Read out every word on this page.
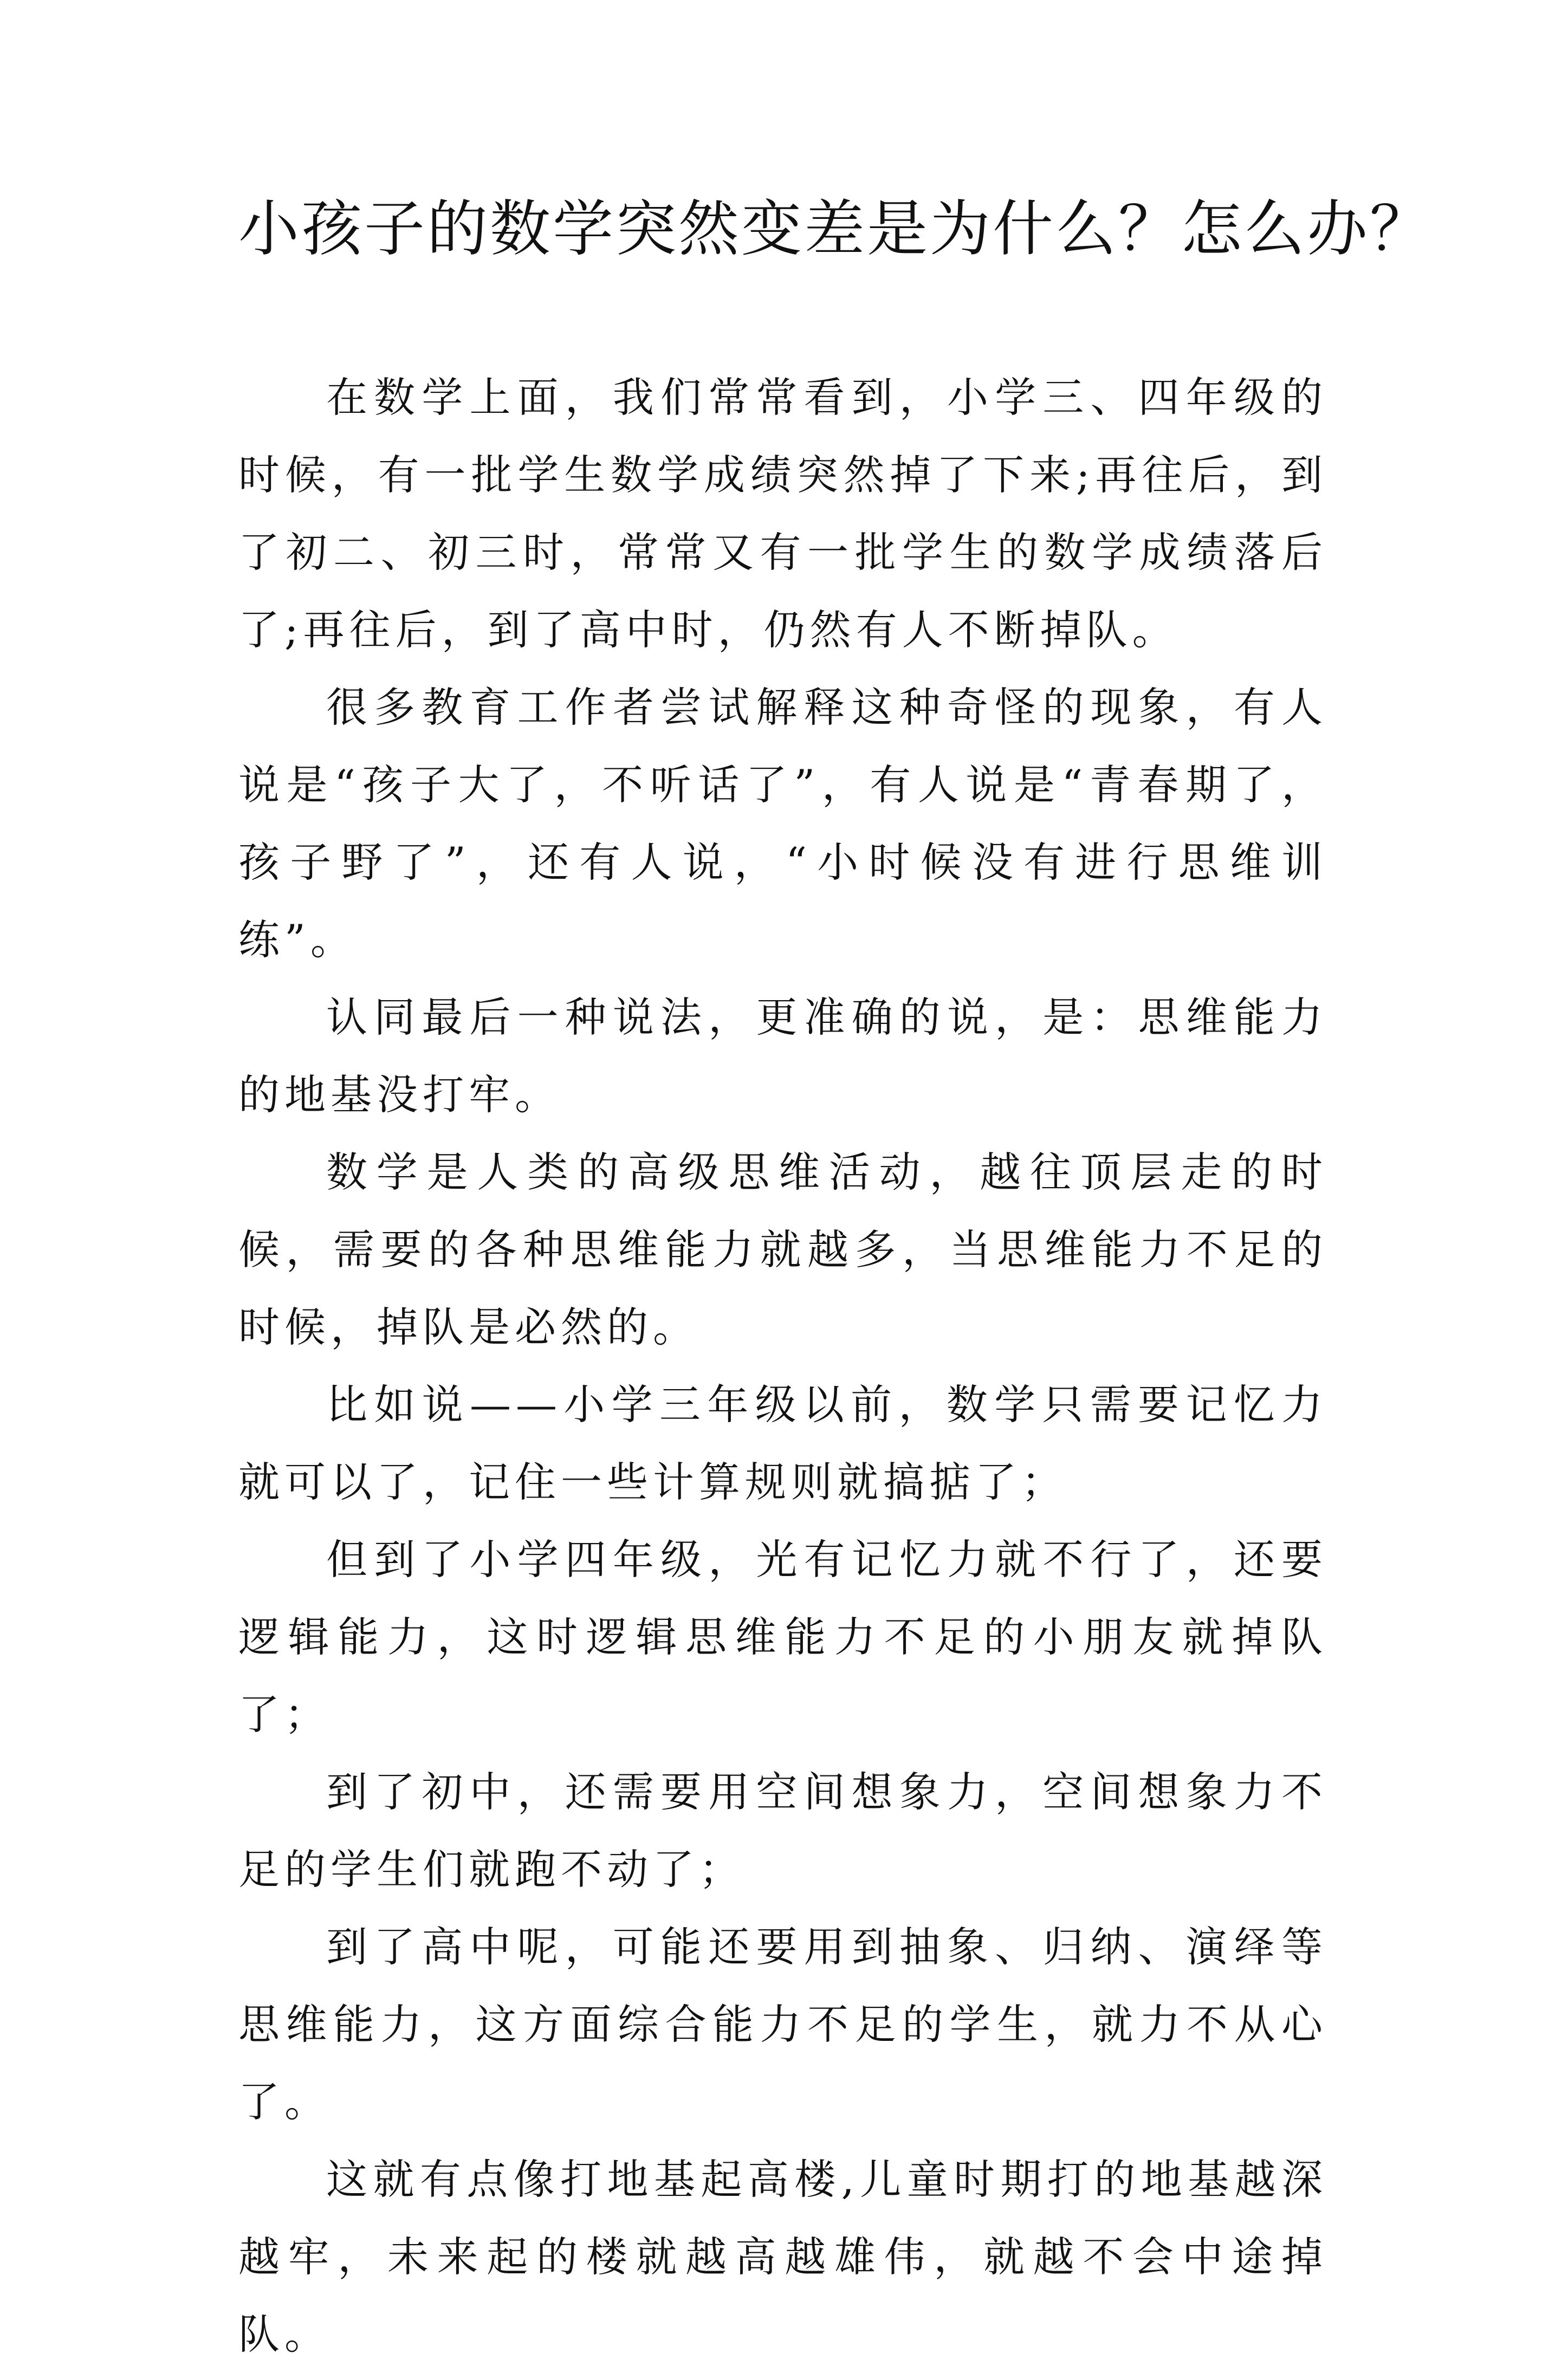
小孩子的数学突然变差是为什么？怎么办？

在数学上面，我们常常看到，小学三、四年级的时候，有一批学生数学成绩突然掉了下来;再往后，到了初二、初三时，常常又有一批学生的数学成绩落后了;再往后，到了高中时，仍然有人不断掉队。

很多教育工作者尝试解释这种奇怪的现象，有人说是“孩子大了，不听话了”，有人说是“青春期了，孩子野了”，还有人说，“小时候没有进行思维训练”。

认同最后一种说法，更准确的说，是：思维能力的地基没打牢。

数学是人类的高级思维活动，越往顶层走的时候，需要的各种思维能力就越多，当思维能力不足的时候，掉队是必然的。

比如说——小学三年级以前，数学只需要记忆力就可以了，记住一些计算规则就搞掂了；

但到了小学四年级，光有记忆力就不行了，还要逻辑能力，这时逻辑思维能力不足的小朋友就掉队了；

到了初中，还需要用空间想象力，空间想象力不足的学生们就跑不动了；

到了高中呢，可能还要用到抽象、归纳、演绎等思维能力，这方面综合能力不足的学生，就力不从心了。

这就有点像打地基起高楼,儿童时期打的地基越深越牢，未来起的楼就越高越雄伟，就越不会中途掉队。
